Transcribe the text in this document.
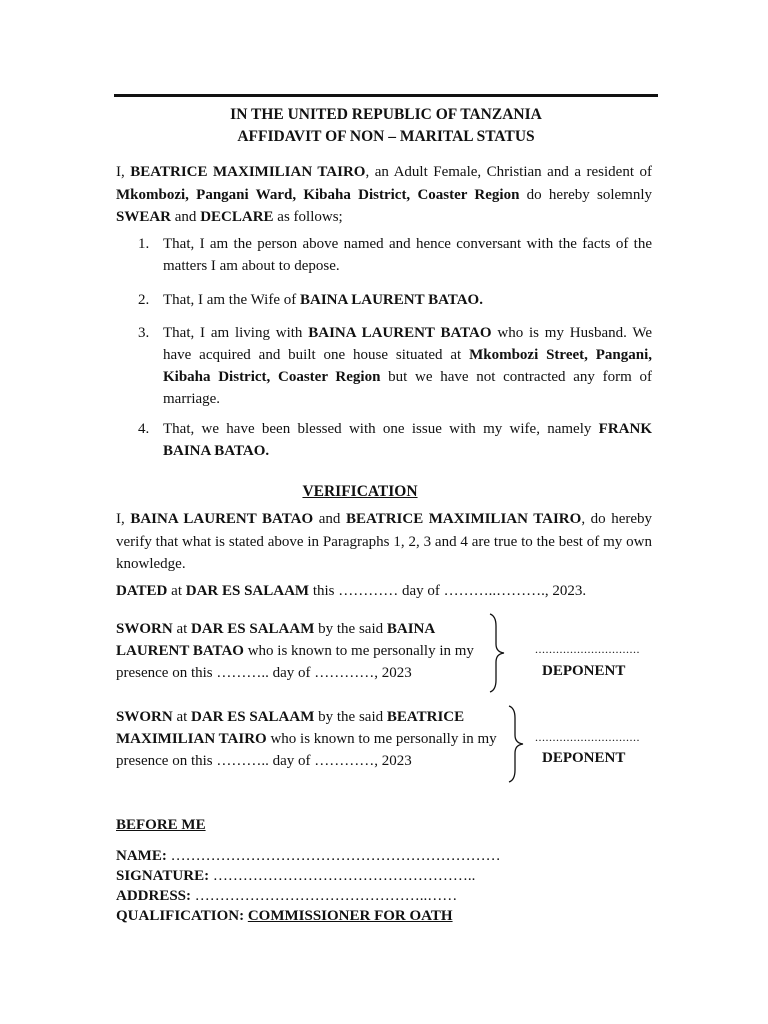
IN THE UNITED REPUBLIC OF TANZANIA
AFFIDAVIT OF NON – MARITAL STATUS
I, BEATRICE MAXIMILIAN TAIRO, an Adult Female, Christian and a resident of Mkombozi, Pangani Ward, Kibaha District, Coaster Region do hereby solemnly SWEAR and DECLARE as follows;
1. That, I am the person above named and hence conversant with the facts of the matters I am about to depose.
2. That, I am the Wife of BAINA LAURENT BATAO.
3. That, I am living with BAINA LAURENT BATAO who is my Husband. We have acquired and built one house situated at Mkombozi Street, Pangani, Kibaha District, Coaster Region but we have not contracted any form of marriage.
4. That, we have been blessed with one issue with my wife, namely FRANK BAINA BATAO.
VERIFICATION
I, BAINA LAURENT BATAO and BEATRICE MAXIMILIAN TAIRO, do hereby verify that what is stated above in Paragraphs 1, 2, 3 and 4 are true to the best of my own knowledge.
DATED at DAR ES SALAAM this ………… day of ………..………., 2023.
SWORN at DAR ES SALAAM by the said BAINA LAURENT BATAO who is known to me personally in my presence on this ……….. day of …………, 2023
..............................
DEPONENT
SWORN at DAR ES SALAAM by the said BEATRICE MAXIMILIAN TAIRO who is known to me personally in my presence on this ……….. day of …………, 2023
..............................
DEPONENT
BEFORE ME
NAME: …………………………………………………………
SIGNATURE: ……………………………………………..
ADDRESS: ………………………………………..……
QUALIFICATION: COMMISSIONER FOR OATH
